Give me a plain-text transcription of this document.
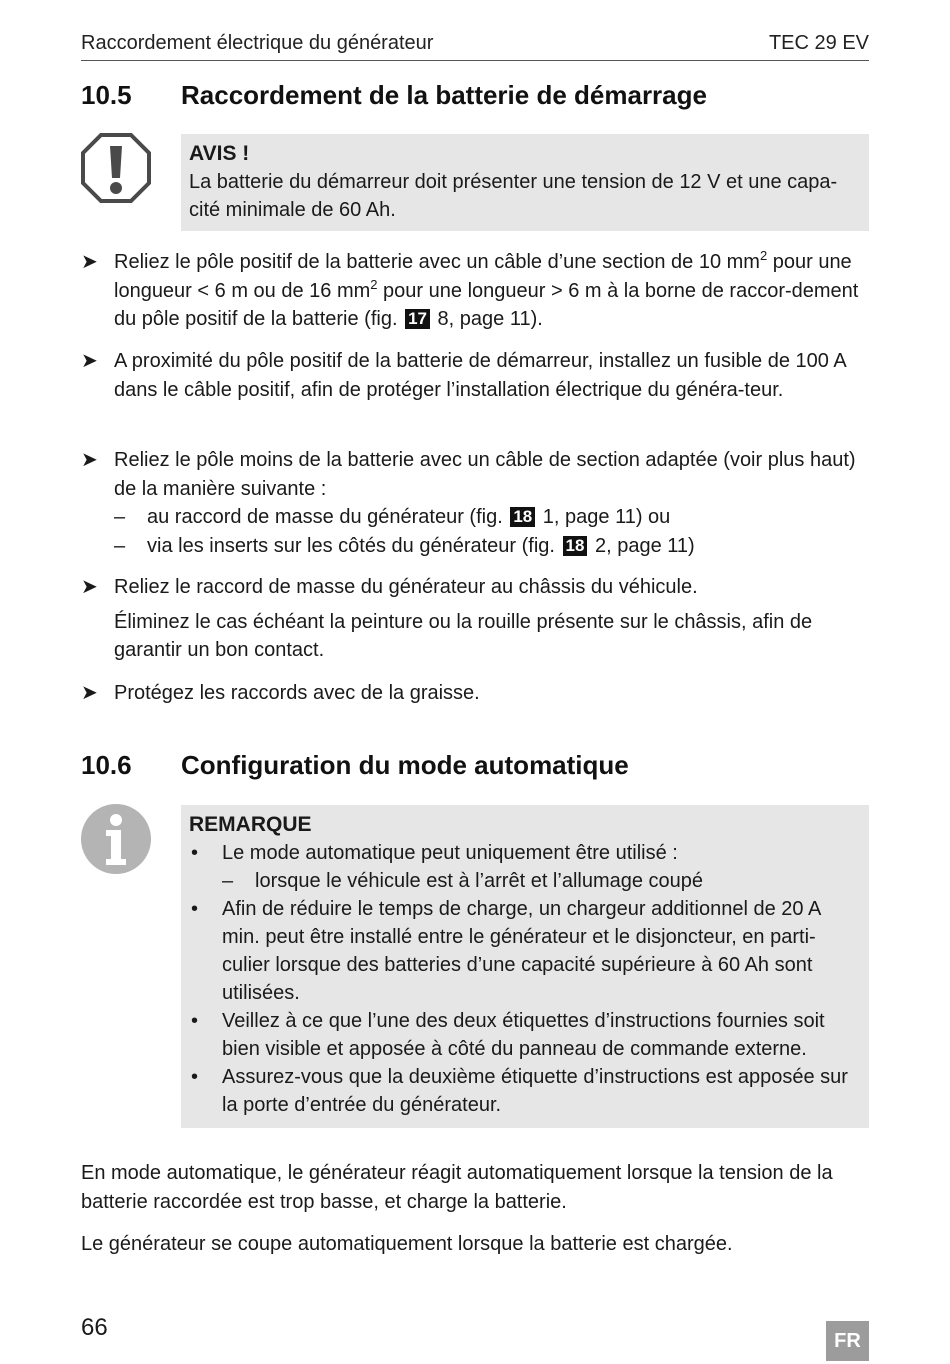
Raccordement électrique du générateur	TEC 29 EV
10.5 Raccordement de la batterie de démarrage
AVIS !
La batterie du démarreur doit présenter une tension de 12 V et une capa-cité minimale de 60 Ah.
➤ Reliez le pôle positif de la batterie avec un câble d’une section de 10 $mm^2$ pour une longueur < 6 m ou de 16 $mm^2$ pour une longueur > 6 m à la borne de raccor-dement du pôle positif de la batterie (fig. 17 8, page 11).
➤ A proximité du pôle positif de la batterie de démarreur, installez un fusible de 100 A dans le câble positif, afin de protéger l’installation électrique du généra-teur.
➤ Reliez le pôle moins de la batterie avec un câble de section adaptée (voir plus haut) de la manière suivante :
– au raccord de masse du générateur (fig. 18 1, page 11) ou
– via les inserts sur les côtés du générateur (fig. 18 2, page 11)
➤ Reliez le raccord de masse du générateur au châssis du véhicule.
Éliminez le cas échéant la peinture ou la rouille présente sur le châssis, afin de garantir un bon contact.
➤ Protégez les raccords avec de la graisse.
10.6 Configuration du mode automatique
REMARQUE
• Le mode automatique peut uniquement être utilisé :
– lorsque le véhicule est à l’arrêt et l’allumage coupé
• Afin de réduire le temps de charge, un chargeur additionnel de 20 A min. peut être installé entre le générateur et le disjoncteur, en parti-culier lorsque des batteries d’une capacité supérieure à 60 Ah sont utilisées.
• Veillez à ce que l’une des deux étiquettes d’instructions fournies soit bien visible et apposée à côté du panneau de commande externe.
• Assurez-vous que la deuxième étiquette d’instructions est apposée sur la porte d’entrée du générateur.
En mode automatique, le générateur réagit automatiquement lorsque la tension de la batterie raccordée est trop basse, et charge la batterie.
Le générateur se coupe automatiquement lorsque la batterie est chargée.
66	FR
